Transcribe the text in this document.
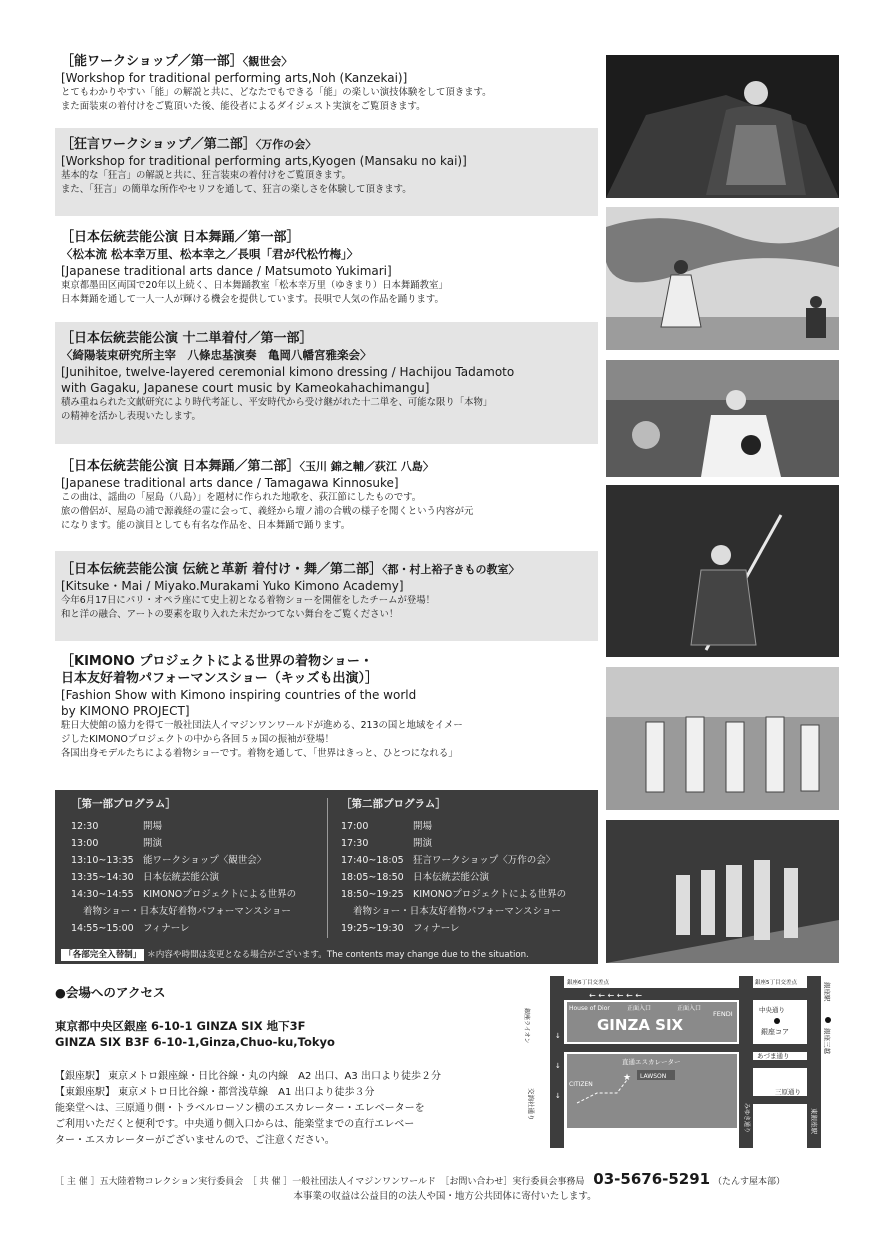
［能ワークショップ／第一部］〈観世会〉
[Workshop for traditional performing arts,Noh (Kanzekai)]
とてもわかりやすい「能」の解説と共に、どなたでもできる「能」の楽しい演技体験をして頂きます。
また面装束の着付けをご覧頂いた後、能役者によるダイジェスト実演をご覧頂きます。
［狂言ワークショップ／第二部］〈万作の会〉
[Workshop for traditional performing arts,Kyogen (Mansaku no kai)]
基本的な「狂言」の解説と共に、狂言装束の着付けをご覧頂きます。
また、「狂言」の簡単な所作やセリフを通して、狂言の楽しさを体験して頂きます。
［日本伝統芸能公演 日本舞踊／第一部］
〈松本流 松本幸万里、松本幸之／長唄「君が代松竹梅」〉
[Japanese traditional arts dance / Matsumoto Yukimari]
東京都墨田区両国で20年以上続く、日本舞踊教室「松本幸万里（ゆきまり）日本舞踊教室」
日本舞踊を通して一人一人が輝ける機会を提供しています。長唄で人気の作品を踊ります。
［日本伝統芸能公演 十二単着付／第一部］
〈綺陽装束研究所主宰　八條忠基演奏　亀岡八幡宮雅楽会〉
[Junihitoe, twelve-layered ceremonial kimono dressing / Hachijou Tadamoto
with Gagaku, Japanese court music by Kameokahachimangu]
積み重ねられた文献研究により時代考証し、平安時代から受け継がれた十二単を、可能な限り「本物」
の精神を活かし表現いたします。
［日本伝統芸能公演 日本舞踊／第二部］〈玉川 錦之輔／荻江 八島〉
[Japanese traditional arts dance / Tamagawa Kinnosuke]
この曲は、謡曲の「屋島（八島）」を題材に作られた地歌を、荻江節にしたものです。
旅の僧侶が、屋島の浦で源義経の霊に会って、義経から壇ノ浦の合戦の様子を聞くという内容が元
になります。能の演目としても有名な作品を、日本舞踊で踊ります。
［日本伝統芸能公演 伝統と革新 着付け・舞／第二部］〈都・村上裕子きもの教室〉
[Kitsuke・Mai / Miyako.Murakami Yuko Kimono Academy]
今年6月17日にパリ・オペラ座にて史上初となる着物ショーを開催をしたチームが登場！
和と洋の融合、アートの要素を取り入れた未だかつてない舞台をご覧ください！
［KIMONO プロジェクトによる世界の着物ショー・
日本友好着物パフォーマンスショー（キッズも出演）］
[Fashion Show with Kimono inspiring countries of the world
by KIMONO PROJECT]
駐日大使館の協力を得て一般社団法人イマジンワンワールドが進める、213の国と地域をイメー
ジしたKIMONOプロジェクトの中から各回５ヵ国の振袖が登場！
各国出身モデルたちによる着物ショーです。着物を通して、「世界はきっと、ひとつになれる」
［第一部プログラム］
12:30	開場
13:00	開演
13:10~13:35 能ワークショップ〈観世会〉
13:35~14:30 日本伝統芸能公演
14:30~14:55 KIMONOプロジェクトによる世界の
着物ショー・日本友好着物パフォーマンスショー
14:55~15:00 フィナーレ
［第二部プログラム］
17:00	開場
17:30	開演
17:40~18:05 狂言ワークショップ〈万作の会〉
18:05~18:50 日本伝統芸能公演
18:50~19:25 KIMONOプロジェクトによる世界の
着物ショー・日本友好着物パフォーマンスショー
19:25~19:30 フィナーレ
「各部完全入替制」 ＊内容や時間は変更となる場合がございます。The contents may change due to the situation.
●会場へのアクセス
東京都中央区銀座 6-10-1 GINZA SIX 地下3F
GINZA SIX B3F 6-10-1,Ginza,Chuo-ku,Tokyo
【銀座駅】 東京メトロ銀座線・日比谷線・丸の内線　A2 出口、A3 出口より徒歩２分
【東銀座駅】 東京メトロ日比谷線・都営浅草線　A1 出口より徒歩３分
能楽堂へは、三原通り側・トラベルローソン横のエスカレーター・エレベーターを
ご利用いただくと便利です。中央通り側入口からは、能楽堂までの直行エレベー
ター・エスカレーターがございませんので、ご注意ください。
GINZA SIX
House of Dior
FENDI
正面入口	正面入口
直通エスカレーター
CITIZEN
LAWSON
← ← ← ← ← ←
↓
↓
↓
★
銀座6丁目交差点	銀座5丁目交差点
中央通り
銀座コア
あづま通り
三原通り
交詢社通り
銀座ライオン
みゆき通り
銀座駅
銀座三越
東銀座駅
［ 主 催 ］五大陸着物コレクション実行委員会　［ 共 催 ］一般社団法人イマジンワンワールド　［お問い合わせ］実行委員会事務局 03-5676-5291 （たんす屋本部）
本事業の収益は公益目的の法人や国・地方公共団体に寄付いたします。
